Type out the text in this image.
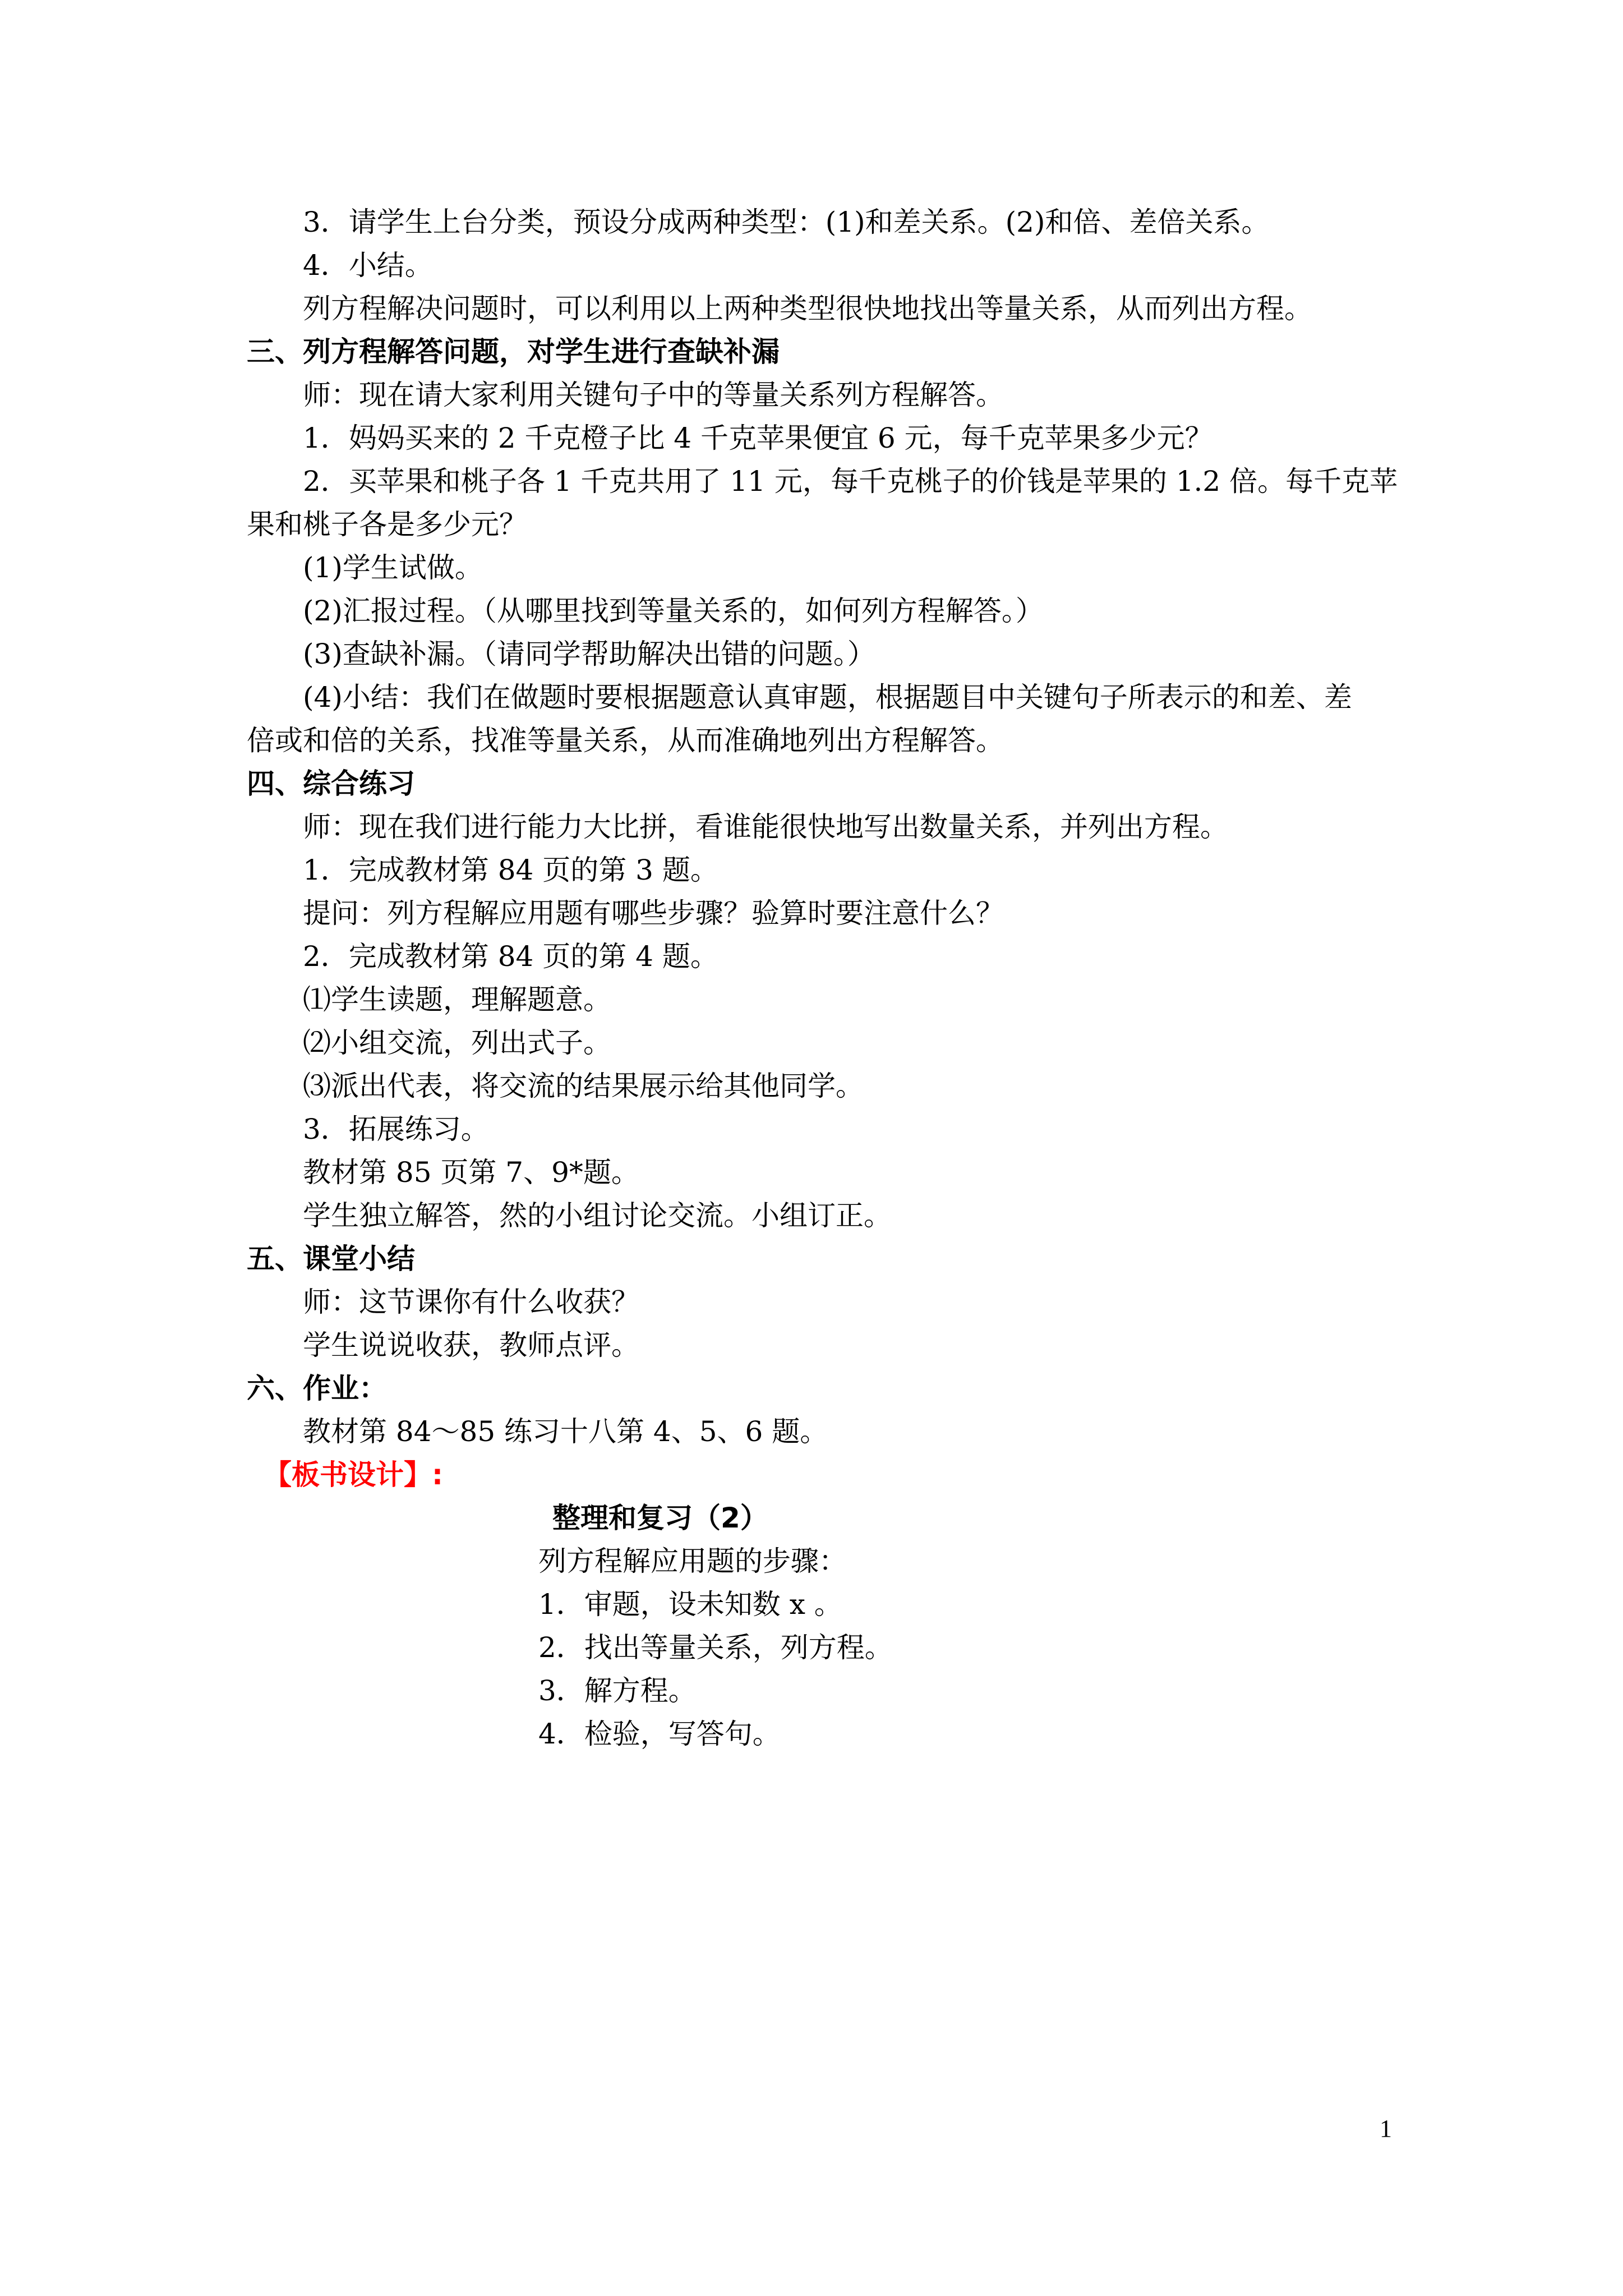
3．请学生上台分类，预设分成两种类型：(1)和差关系。(2)和倍、差倍关系。
4．小结。
列方程解决问题时，可以利用以上两种类型很快地找出等量关系，从而列出方程。
三、列方程解答问题，对学生进行查缺补漏
师：现在请大家利用关键句子中的等量关系列方程解答。
1．妈妈买来的 2 千克橙子比 4 千克苹果便宜 6 元，每千克苹果多少元？
2．买苹果和桃子各 1 千克共用了 11 元，每千克桃子的价钱是苹果的 1.2 倍。每千克苹
果和桃子各是多少元？
(1)学生试做。
(2)汇报过程。（从哪里找到等量关系的，如何列方程解答。）
(3)查缺补漏。（请同学帮助解决出错的问题。）
(4)小结：我们在做题时要根据题意认真审题，根据题目中关键句子所表示的和差、差
倍或和倍的关系，找准等量关系，从而准确地列出方程解答。
四、综合练习
师：现在我们进行能力大比拼，看谁能很快地写出数量关系，并列出方程。
1．完成教材第 84 页的第 3 题。
提问：列方程解应用题有哪些步骤？验算时要注意什么？
2．完成教材第 84 页的第 4 题。
⑴学生读题，理解题意。
⑵小组交流，列出式子。
⑶派出代表，将交流的结果展示给其他同学。
3．拓展练习。
教材第 85 页第 7、9*题。
学生独立解答，然的小组讨论交流。小组订正。
五、课堂小结
师：这节课你有什么收获？
学生说说收获，教师点评。
六、作业：
教材第 84～85 练习十八第 4、5、6 题。
【板书设计】:
整理和复习（2）
列方程解应用题的步骤：
1．审题，设未知数 x 。
2．找出等量关系，列方程。
3．解方程。
4．检验，写答句。
1
